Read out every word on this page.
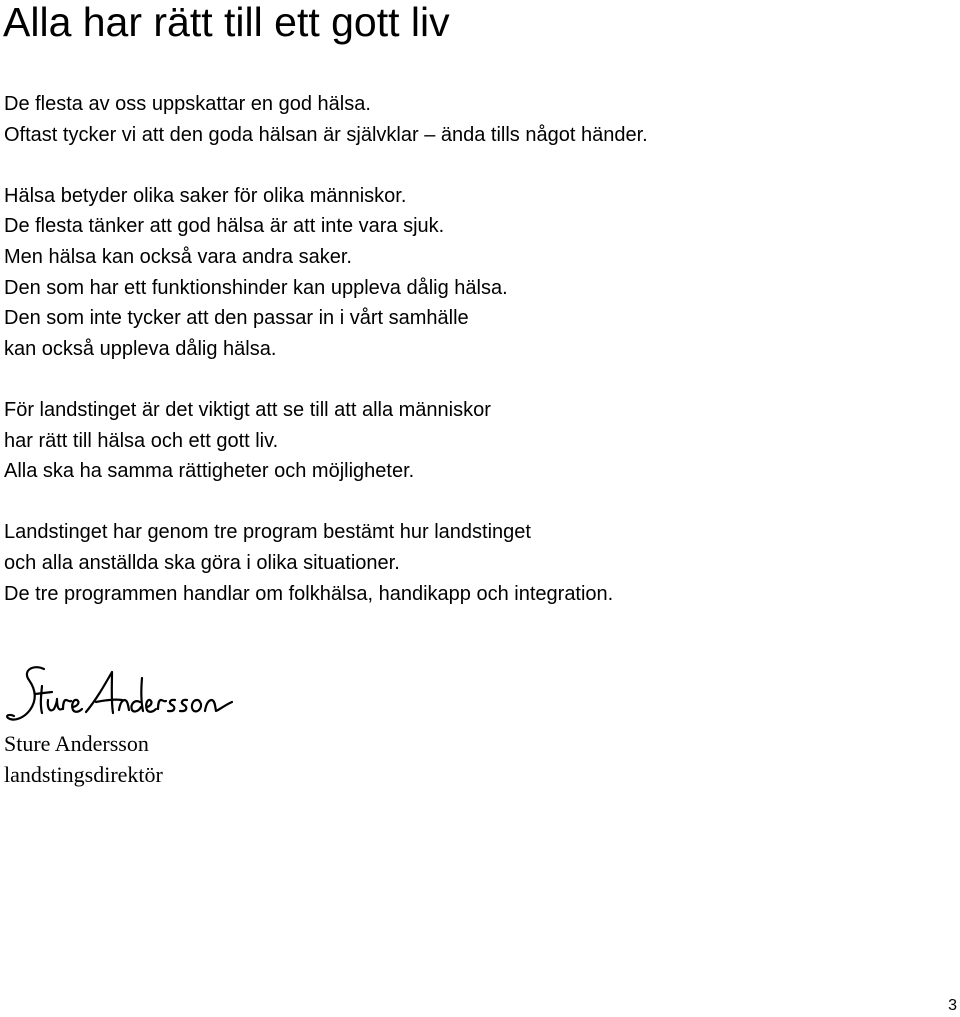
Alla har rätt till ett gott liv

De flesta av oss uppskattar en god hälsa.
Oftast tycker vi att den goda hälsan är självklar – ända tills något händer.

Hälsa betyder olika saker för olika människor.
De flesta tänker att god hälsa är att inte vara sjuk.
Men hälsa kan också vara andra saker.
Den som har ett funktionshinder kan uppleva dålig hälsa.
Den som inte tycker att den passar in i vårt samhälle
kan också uppleva dålig hälsa.

För landstinget är det viktigt att se till att alla människor
har rätt till hälsa och ett gott liv.
Alla ska ha samma rättigheter och möjligheter.

Landstinget har genom tre program bestämt hur landstinget
och alla anställda ska göra i olika situationer.
De tre programmen handlar om folkhälsa, handikapp och integration.

Sture Andersson
landstingsdirektör
3
